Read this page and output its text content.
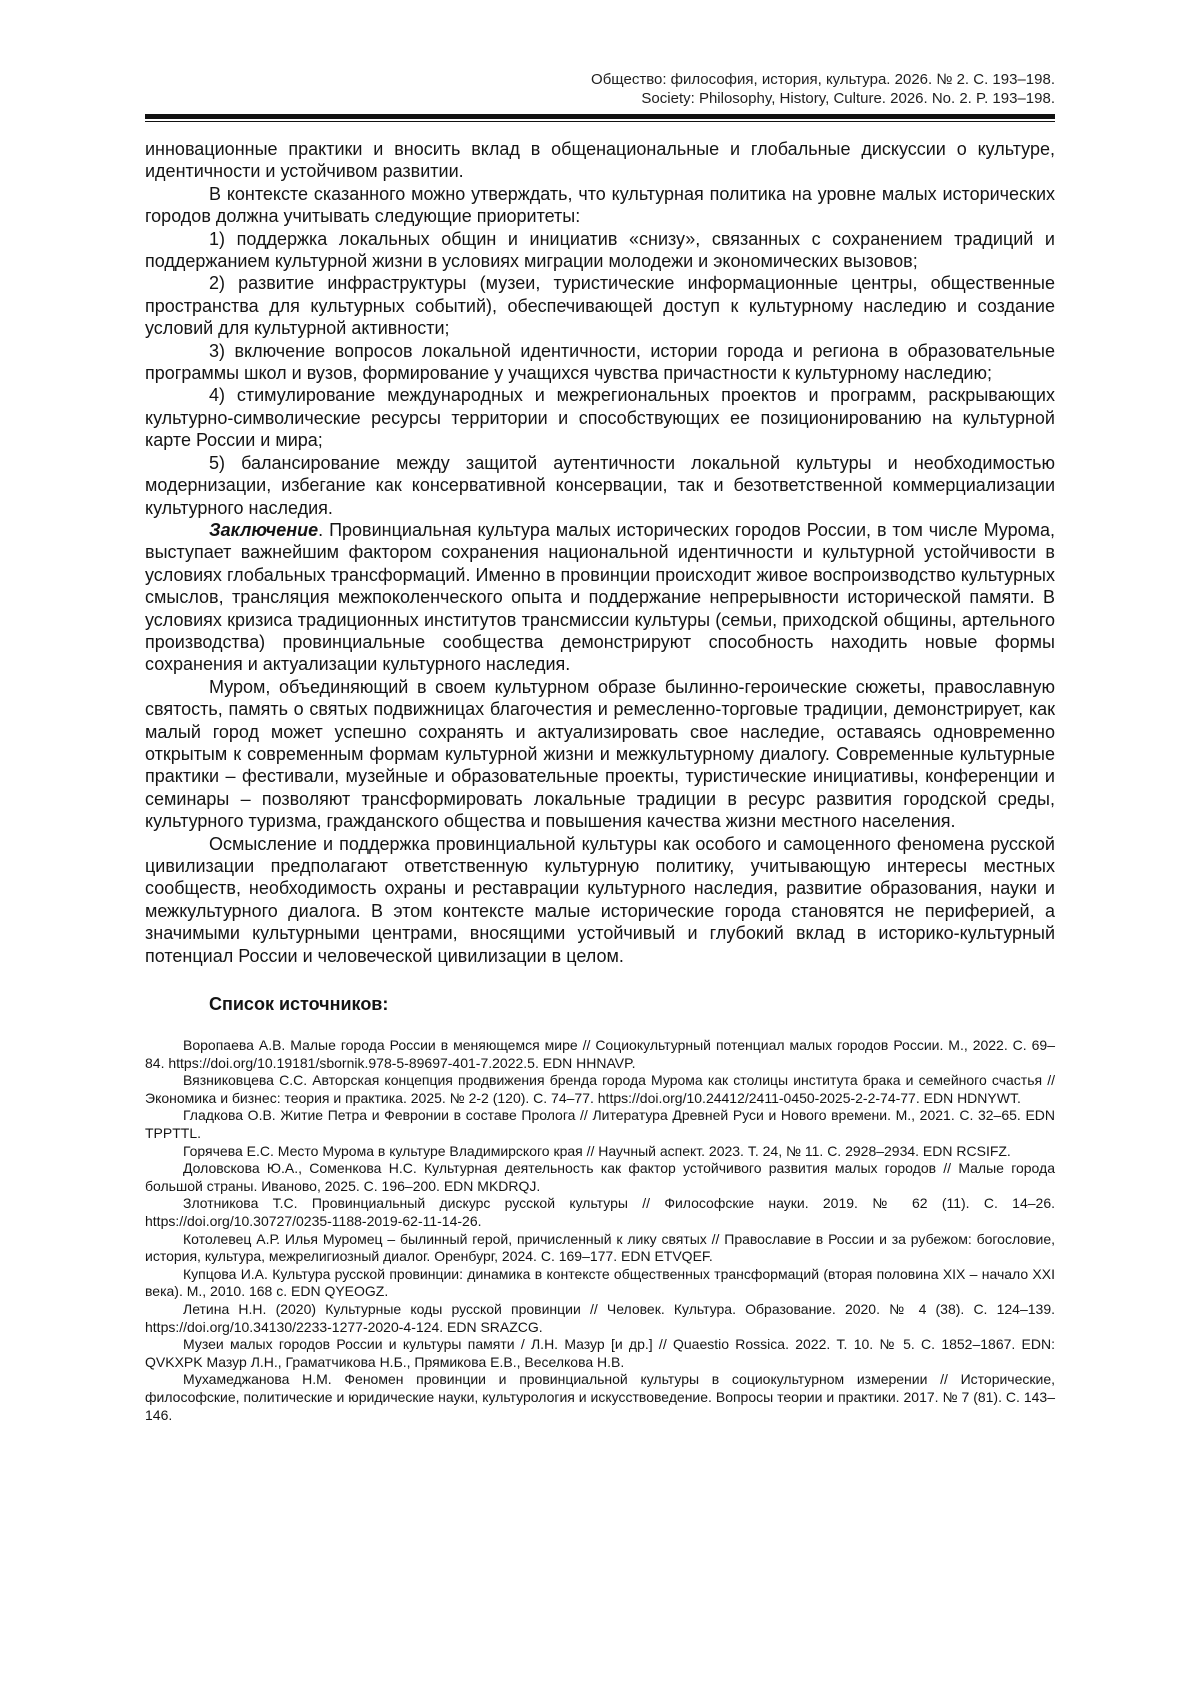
Общество: философия, история, культура. 2026. № 2. С. 193–198.
Society: Philosophy, History, Culture. 2026. No. 2. P. 193–198.

инновационные практики и вносить вклад в общенациональные и глобальные дискуссии о культуре, идентичности и устойчивом развитии.

В контексте сказанного можно утверждать, что культурная политика на уровне малых исторических городов должна учитывать следующие приоритеты:

1) поддержка локальных общин и инициатив «снизу», связанных с сохранением традиций и поддержанием культурной жизни в условиях миграции молодежи и экономических вызовов;

2) развитие инфраструктуры (музеи, туристические информационные центры, общественные пространства для культурных событий), обеспечивающей доступ к культурному наследию и создание условий для культурной активности;

3) включение вопросов локальной идентичности, истории города и региона в образовательные программы школ и вузов, формирование у учащихся чувства причастности к культурному наследию;

4) стимулирование международных и межрегиональных проектов и программ, раскрывающих культурно-символические ресурсы территории и способствующих ее позиционированию на культурной карте России и мира;

5) балансирование между защитой аутентичности локальной культуры и необходимостью модернизации, избегание как консервативной консервации, так и безответственной коммерциализации культурного наследия.

Заключение. Провинциальная культура малых исторических городов России, в том числе Мурома, выступает важнейшим фактором сохранения национальной идентичности и культурной устойчивости в условиях глобальных трансформаций. Именно в провинции происходит живое воспроизводство культурных смыслов, трансляция межпоколенческого опыта и поддержание непрерывности исторической памяти. В условиях кризиса традиционных институтов трансмиссии культуры (семьи, приходской общины, артельного производства) провинциальные сообщества демонстрируют способность находить новые формы сохранения и актуализации культурного наследия.

Муром, объединяющий в своем культурном образе былинно-героические сюжеты, православную святость, память о святых подвижницах благочестия и ремесленно-торговые традиции, демонстрирует, как малый город может успешно сохранять и актуализировать свое наследие, оставаясь одновременно открытым к современным формам культурной жизни и межкультурному диалогу. Современные культурные практики – фестивали, музейные и образовательные проекты, туристические инициативы, конференции и семинары – позволяют трансформировать локальные традиции в ресурс развития городской среды, культурного туризма, гражданского общества и повышения качества жизни местного населения.

Осмысление и поддержка провинциальной культуры как особого и самоценного феномена русской цивилизации предполагают ответственную культурную политику, учитывающую интересы местных сообществ, необходимость охраны и реставрации культурного наследия, развитие образования, науки и межкультурного диалога. В этом контексте малые исторические города становятся не периферией, а значимыми культурными центрами, вносящими устойчивый и глубокий вклад в историко-культурный потенциал России и человеческой цивилизации в целом.

Список источников:

Воропаева А.В. Малые города России в меняющемся мире // Социокультурный потенциал малых городов России. М., 2022. С. 69–84. https://doi.org/10.19181/sbornik.978-5-89697-401-7.2022.5. EDN HHNAVP.

Вязниковцева С.С. Авторская концепция продвижения бренда города Мурома как столицы института брака и семейного счастья // Экономика и бизнес: теория и практика. 2025. № 2-2 (120). С. 74–77. https://doi.org/10.24412/2411-0450-2025-2-2-74-77. EDN HDNYWT.

Гладкова О.В. Житие Петра и Февронии в составе Пролога // Литература Древней Руси и Нового времени. М., 2021. С. 32–65. EDN TPPTTL.

Горячева Е.С. Место Мурома в культуре Владимирского края // Научный аспект. 2023. Т. 24, № 11. С. 2928–2934. EDN RCSIFZ.

Доловскова Ю.А., Соменкова Н.С. Культурная деятельность как фактор устойчивого развития малых городов // Малые города большой страны. Иваново, 2025. С. 196–200. EDN MKDRQJ.

Злотникова Т.С. Провинциальный дискурс русской культуры // Философские науки. 2019. № 62 (11). С. 14–26. https://doi.org/10.30727/0235-1188-2019-62-11-14-26.

Котолевец А.Р. Илья Муромец – былинный герой, причисленный к лику святых // Православие в России и за рубежом: богословие, история, культура, межрелигиозный диалог. Оренбург, 2024. С. 169–177. EDN ETVQEF.

Купцова И.А. Культура русской провинции: динамика в контексте общественных трансформаций (вторая половина XIX – начало XXI века). М., 2010. 168 с. EDN QYEOGZ.

Летина Н.Н. (2020) Культурные коды русской провинции // Человек. Культура. Образование. 2020. № 4 (38). С. 124–139. https://doi.org/10.34130/2233-1277-2020-4-124. EDN SRAZCG.

Музеи малых городов России и культуры памяти / Л.Н. Мазур [и др.] // Quaestio Rossica. 2022. Т. 10. № 5. С. 1852–1867. EDN: QVKXPK Мазур Л.Н., Граматчикова Н.Б., Прямикова Е.В., Веселкова Н.В.

Мухамеджанова Н.М. Феномен провинции и провинциальной культуры в социокультурном измерении // Исторические, философские, политические и юридические науки, культурология и искусствоведение. Вопросы теории и практики. 2017. № 7 (81). С. 143–146.
